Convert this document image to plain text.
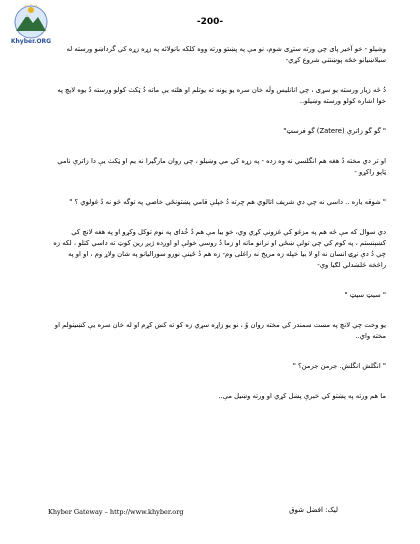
Khyber.ORG
-200-

وشيلو - خو آخير پاى چي ورته ستړى شوم، نو مې په پښتو ورته ووه کلکه بانولائه په زړه زړه کي گرداښو ورسته له سيلاښيانو خځه پوښتني شروع کړي-

دُ څه زيار ورسته يو سړى ، چي انانليس ولَه خان سره يو يونه ته يوتلم او هلته يې ماته دُ ټکٺ کولو ورسته دُ يوه لاپچ په خوا اشاره کولو ورسته وښيلو..

" گو گو زاترې (Zatere) گو فرسټ"

او تر دي مخته دُ هغه هم انگلسي نه وه زده - په زړه کي مي وښيلو ، چي روان مارگيرا نه يم او ټکٺ يې دا زاترې نامي ټاپو راکړو -

" شوقه ياره .. داسي نه چي دي شريف اتالوي هم چرته دُ خپلې قامي پښتونځي خاصي په توگه څو نه دُ غولوي ؟ "

دي سوال که مې څه هم په مزغو کي غزونې کړي وي، خو بيا مې هم دُ خُداى په نوم توکل وکړو او په هغه لانچ کي کښېنستم ، په کوم کي چي تولې ښځي او نرانو ماته او زما دُ روسي خولې او اوږده ژيږ رين کوټ ته داسي کتلو ، لکه زه چي دُ دې نړۍ انسان نه او لا بيا خپله زه مريخ نه راغلى وم- زه هم دُ ځينې نورو سوراليانو په شان ولاړ وم ، او او په راڅخه څلښدلي لګيا وې-

" سيټ سيټ "

يو وخت چي لانچ په مست سمندر کي مخته روان وُ ، نو يو زاړه سړي زه کو ته کښ کړم او له خان سره يې کښينولم او مخته واي..

" انگلش انگلش. جرمن جرمن؟ "

ما هم ورته په پښتو کي خبرې پښل کړي او ورته وښيل مې..

Khyber Gateway – http://www.khyber.org	ليک: افضل شوق
